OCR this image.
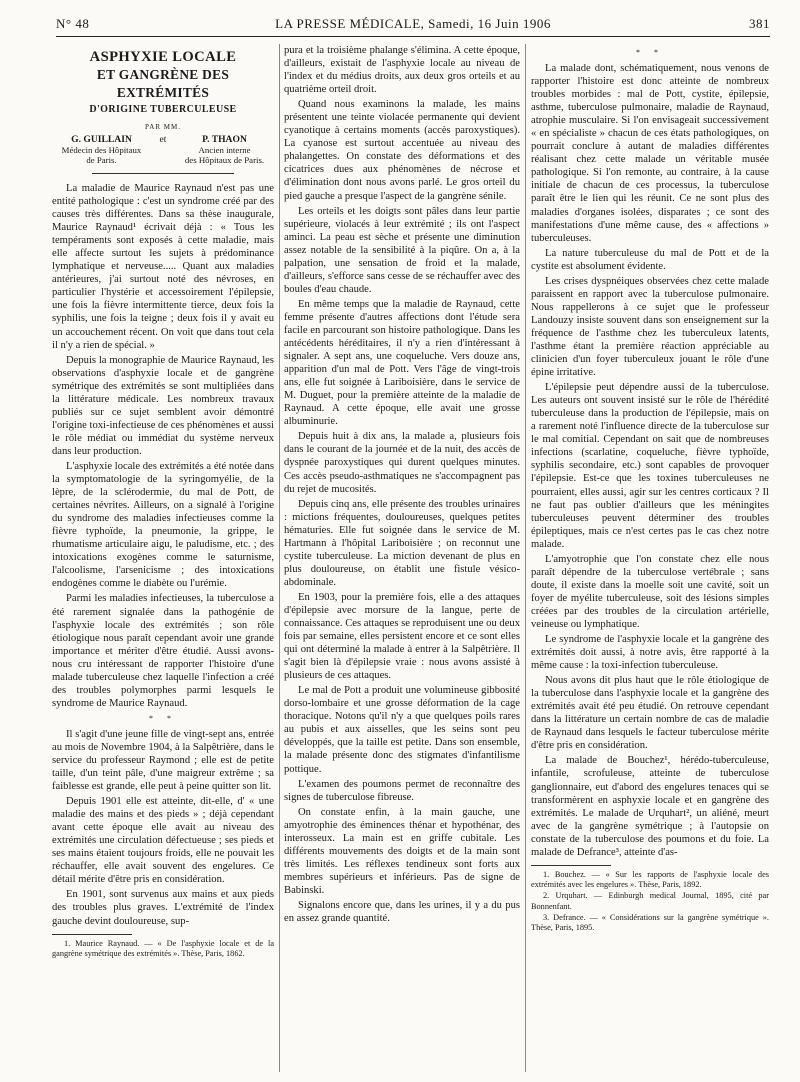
N° 48	LA PRESSE MÉDICALE, Samedi, 16 Juin 1906	381
ASPHYXIE LOCALE
ET GANGRÈNE DES EXTRÉMITÉS
D'ORIGINE TUBERCULEUSE
PAR MM.
G. GUILLAIN
Médecin des Hôpitaux
de Paris.
et	P. THAON
Ancien interne
des Hôpitaux de Paris.

La maladie de Maurice Raynaud n'est pas une entité pathologique : c'est un syndrome créé par des causes très différentes. Dans sa thèse inaugurale, Maurice Raynaud¹ écrivait déjà : « Tous les tempéraments sont exposés à cette maladie, mais elle affecte surtout les sujets à prédominance lymphatique et nerveuse..... Quant aux maladies antérieures, j'ai surtout noté des névroses, en particulier l'hystérie et accessoirement l'épilepsie, une fois la fièvre intermittente tierce, deux fois la syphilis, une fois la teigne ; deux fois il y avait eu un accouchement récent. On voit que dans tout cela il n'y a rien de spécial. »

Depuis la monographie de Maurice Raynaud, les observations d'asphyxie locale et de gangrène symétrique des extrémités se sont multipliées dans la littérature médicale. Les nombreux travaux publiés sur ce sujet semblent avoir démontré l'origine toxi-infectieuse de ces phénomènes et aussi le rôle médiat ou immédiat du système nerveux dans leur production.

L'asphyxie locale des extrémités a été notée dans la symptomatologie de la syringomyélie, de la lèpre, de la sclérodermie, du mal de Pott, de certaines névrites. Ailleurs, on a signalé à l'origine du syndrome des maladies infectieuses comme la fièvre typhoïde, la pneumonie, la grippe, le rhumatisme articulaire aigu, le paludisme, etc. ; des intoxications exogènes comme le saturnisme, l'alcoolisme, l'arsenicisme ; des intoxications endogènes comme le diabète ou l'urémie.

Parmi les maladies infectieuses, la tuberculose a été rarement signalée dans la pathogénie de l'asphyxie locale des extrémités ; son rôle étiologique nous paraît cependant avoir une grande importance et mériter d'être étudié. Aussi avons-nous cru intéressant de rapporter l'histoire d'une malade tuberculeuse chez laquelle l'infection a créé des troubles polymorphes parmi lesquels le syndrome de Maurice Raynaud.

* *

Il s'agit d'une jeune fille de vingt-sept ans, entrée au mois de Novembre 1904, à la Salpêtrière, dans le service du professeur Raymond ; elle est de petite taille, d'un teint pâle, d'une maigreur extrême ; sa faiblesse est grande, elle peut à peine quitter son lit.

Depuis 1901 elle est atteinte, dit-elle, d' « une maladie des mains et des pieds » ; déjà cependant avant cette époque elle avait au niveau des extrémités une circulation défectueuse ; ses pieds et ses mains étaient toujours froids, elle ne pouvait les réchauffer, elle avait souvent des engelures. Ce détail mérite d'être pris en considération.

En 1901, sont survenus aux mains et aux pieds des troubles plus graves. L'extrémité de l'index gauche devint douloureuse, sup-

1. Maurice Raynaud. — « De l'asphyxie locale et de la gangrène symétrique des extrémités ». Thèse, Paris, 1862.

pura et la troisième phalange s'élimina. A cette époque, d'ailleurs, existait de l'asphyxie locale au niveau de l'index et du médius droits, aux deux gros orteils et au quatrième orteil droit.

Quand nous examinons la malade, les mains présentent une teinte violacée permanente qui devient cyanotique à certains moments (accès paroxystiques). La cyanose est surtout accentuée au niveau des phalangettes. On constate des déformations et des cicatrices dues aux phénomènes de nécrose et d'élimination dont nous avons parlé. Le gros orteil du pied gauche a presque l'aspect de la gangrène sénile.

Les orteils et les doigts sont pâles dans leur partie supérieure, violacés à leur extrémité ; ils ont l'aspect aminci. La peau est sèche et présente une diminution assez notable de la sensibilité à la piqûre. On a, à la palpation, une sensation de froid et la malade, d'ailleurs, s'efforce sans cesse de se réchauffer avec des boules d'eau chaude.

En même temps que la maladie de Raynaud, cette femme présente d'autres affections dont l'étude sera facile en parcourant son histoire pathologique. Dans les antécédents héréditaires, il n'y a rien d'intéressant à signaler. A sept ans, une coqueluche. Vers douze ans, apparition d'un mal de Pott. Vers l'âge de vingt-trois ans, elle fut soignée à Lariboisière, dans le service de M. Duguet, pour la première atteinte de la maladie de Raynaud. A cette époque, elle avait une grosse albuminurie.

Depuis huit à dix ans, la malade a, plusieurs fois dans le courant de la journée et de la nuit, des accès de dyspnée paroxystiques qui durent quelques minutes. Ces accès pseudo-asthmatiques ne s'accompagnent pas du rejet de mucosités.

Depuis cinq ans, elle présente des troubles urinaires : mictions fréquentes, douloureuses, quelques petites hématuries. Elle fut soignée dans le service de M. Hartmann à l'hôpital Lariboisière ; on reconnut une cystite tuberculeuse. La miction devenant de plus en plus douloureuse, on établit une fistule vésico-abdominale.

En 1903, pour la première fois, elle a des attaques d'épilepsie avec morsure de la langue, perte de connaissance. Ces attaques se reproduisent une ou deux fois par semaine, elles persistent encore et ce sont elles qui ont déterminé la malade à entrer à la Salpêtrière. Il s'agit bien là d'épilepsie vraie : nous avons assisté à plusieurs de ces attaques.

Le mal de Pott a produit une volumineuse gibbosité dorso-lombaire et une grosse déformation de la cage thoracique. Notons qu'il n'y a que quelques poils rares au pubis et aux aisselles, que les seins sont peu développés, que la taille est petite. Dans son ensemble, la malade présente donc des stigmates d'infantilisme pottique.

L'examen des poumons permet de reconnaître des signes de tuberculose fibreuse.

On constate enfin, à la main gauche, une amyotrophie des éminences thénar et hypothénar, des interosseux. La main est en griffe cubitale. Les différents mouvements des doigts et de la main sont très limités. Les réflexes tendineux sont forts aux membres supérieurs et inférieurs. Pas de signe de Babinski.

Signalons encore que, dans les urines, il y a du pus en assez grande quantité.

* *

La malade dont, schématiquement, nous venons de rapporter l'histoire est donc atteinte de nombreux troubles morbides : mal de Pott, cystite, épilepsie, asthme, tuberculose pulmonaire, maladie de Raynaud, atrophie musculaire. Si l'on envisageait successivement « en spécialiste » chacun de ces états pathologiques, on pourrait conclure à autant de maladies différentes réalisant chez cette malade un véritable musée pathologique. Si l'on remonte, au contraire, à la cause initiale de chacun de ces processus, la tuberculose paraît être le lien qui les réunit. Ce ne sont plus des maladies d'organes isolées, disparates ; ce sont des manifestations d'une même cause, des « affections » tuberculeuses.

La nature tuberculeuse du mal de Pott et de la cystite est absolument évidente.

Les crises dyspnéiques observées chez cette malade paraissent en rapport avec la tuberculose pulmonaire. Nous rappellerons à ce sujet que le professeur Landouzy insiste souvent dans son enseignement sur la fréquence de l'asthme chez les tuberculeux latents, l'asthme étant la première réaction appréciable au clinicien d'un foyer tuberculeux jouant le rôle d'une épine irritative.

L'épilepsie peut dépendre aussi de la tuberculose. Les auteurs ont souvent insisté sur le rôle de l'hérédité tuberculeuse dans la production de l'épilepsie, mais on a rarement noté l'influence directe de la tuberculose sur le mal comitial. Cependant on sait que de nombreuses infections (scarlatine, coqueluche, fièvre typhoïde, syphilis secondaire, etc.) sont capables de provoquer l'épilepsie. Est-ce que les toxines tuberculeuses ne pourraient, elles aussi, agir sur les centres corticaux ? Il ne faut pas oublier d'ailleurs que les méningites tuberculeuses peuvent déterminer des troubles épileptiques, mais ce n'est certes pas le cas chez notre malade.

L'amyotrophie que l'on constate chez elle nous paraît dépendre de la tuberculose vertébrale ; sans doute, il existe dans la moelle soit une cavité, soit un foyer de myélite tuberculeuse, soit des lésions simples créées par des troubles de la circulation artérielle, veineuse ou lymphatique.

Le syndrome de l'asphyxie locale et la gangrène des extrémités doit aussi, à notre avis, être rapporté à la même cause : la toxi-infection tuberculeuse.

Nous avons dit plus haut que le rôle étiologique de la tuberculose dans l'asphyxie locale et la gangrène des extrémités avait été peu étudié. On retrouve cependant dans la littérature un certain nombre de cas de maladie de Raynaud dans lesquels le facteur tuberculose mérite d'être pris en considération.

La malade de Bouchez¹, hérédo-tuberculeuse, infantile, scrofuleuse, atteinte de tuberculose ganglionnaire, eut d'abord des engelures tenaces qui se transformèrent en asphyxie locale et en gangrène des extrémités. Le malade de Urquhart², un aliéné, meurt avec de la gangrène symétrique ; à l'autopsie on constate de la tuberculose des poumons et du foie. La malade de Defrance³, atteinte d'as-

1. Bouchez. — « Sur les rapports de l'asphyxie locale des extrémités avec les engelures ». Thèse, Paris, 1892.
2. Urquhart. — Edinburgh medical Journal, 1895, cité par Bonnenfant.
3. Defrance. — « Considérations sur la gangrène symétrique ». Thèse, Paris, 1895.
